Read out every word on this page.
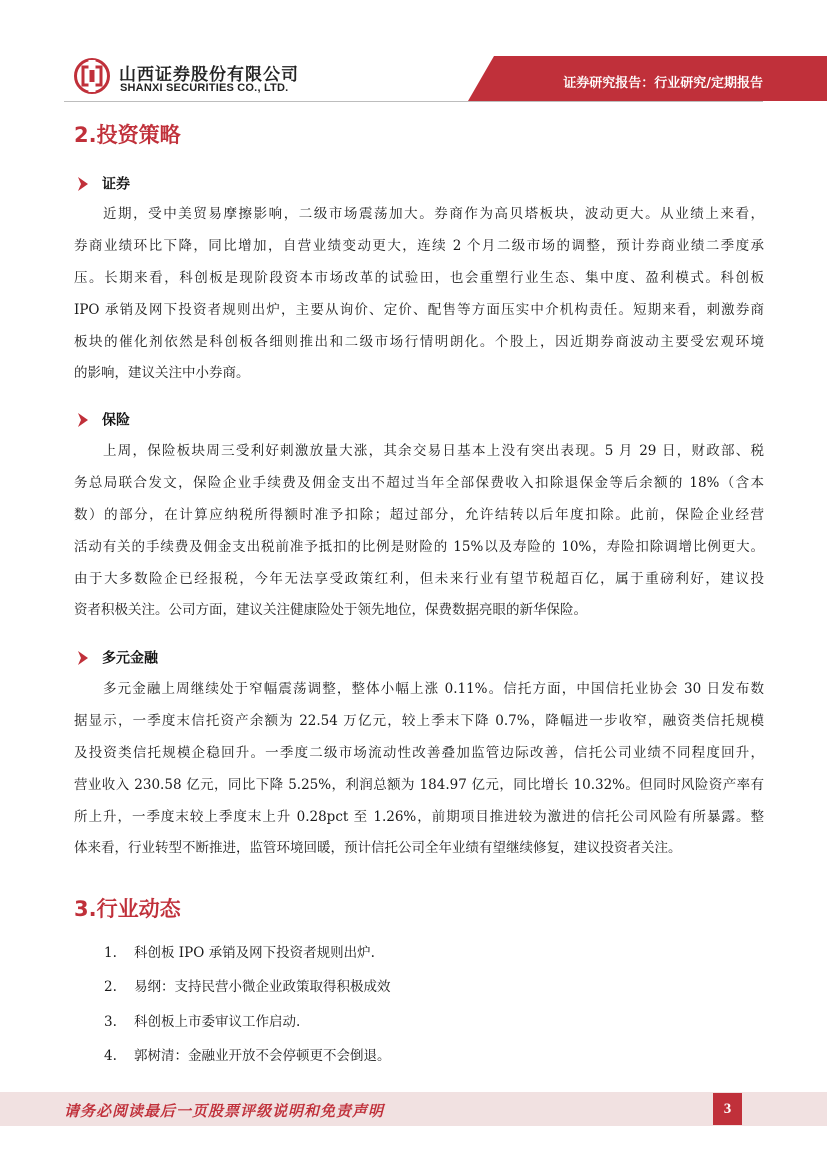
证券研究报告：行业研究/定期报告
山西证券股份有限公司
SHANXI SECURITIES CO., LTD.
2.投资策略
证券
近期，受中美贸易摩擦影响，二级市场震荡加大。券商作为高贝塔板块，波动更大。从业绩上来看，
券商业绩环比下降，同比增加，自营业绩变动更大，连续 2 个月二级市场的调整，预计券商业绩二季度承
压。长期来看，科创板是现阶段资本市场改革的试验田，也会重塑行业生态、集中度、盈利模式。科创板
IPO 承销及网下投资者规则出炉，主要从询价、定价、配售等方面压实中介机构责任。短期来看，刺激券商
板块的催化剂依然是科创板各细则推出和二级市场行情明朗化。个股上，因近期券商波动主要受宏观环境
的影响，建议关注中小券商。
保险
上周，保险板块周三受利好刺激放量大涨，其余交易日基本上没有突出表现。5 月 29 日，财政部、税
务总局联合发文，保险企业手续费及佣金支出不超过当年全部保费收入扣除退保金等后余额的 18%（含本
数）的部分，在计算应纳税所得额时准予扣除；超过部分，允许结转以后年度扣除。此前，保险企业经营
活动有关的手续费及佣金支出税前准予抵扣的比例是财险的 15%以及寿险的 10%，寿险扣除调增比例更大。
由于大多数险企已经报税，今年无法享受政策红利，但未来行业有望节税超百亿，属于重磅利好，建议投
资者积极关注。公司方面，建议关注健康险处于领先地位，保费数据亮眼的新华保险。
多元金融
多元金融上周继续处于窄幅震荡调整，整体小幅上涨 0.11%。信托方面，中国信托业协会 30 日发布数
据显示，一季度末信托资产余额为 22.54 万亿元，较上季末下降 0.7%，降幅进一步收窄，融资类信托规模
及投资类信托规模企稳回升。一季度二级市场流动性改善叠加监管边际改善，信托公司业绩不同程度回升，
营业收入 230.58 亿元，同比下降 5.25%，利润总额为 184.97 亿元，同比增长 10.32%。但同时风险资产率有
所上升，一季度末较上季度末上升 0.28pct 至 1.26%，前期项目推进较为激进的信托公司风险有所暴露。整
体来看，行业转型不断推进，监管环境回暖，预计信托公司全年业绩有望继续修复，建议投资者关注。
3.行业动态
1. 科创板 IPO 承销及网下投资者规则出炉.
2. 易纲：支持民营小微企业政策取得积极成效
3. 科创板上市委审议工作启动.
4. 郭树清：金融业开放不会停顿更不会倒退。
请务必阅读最后一页股票评级说明和免责声明	3
